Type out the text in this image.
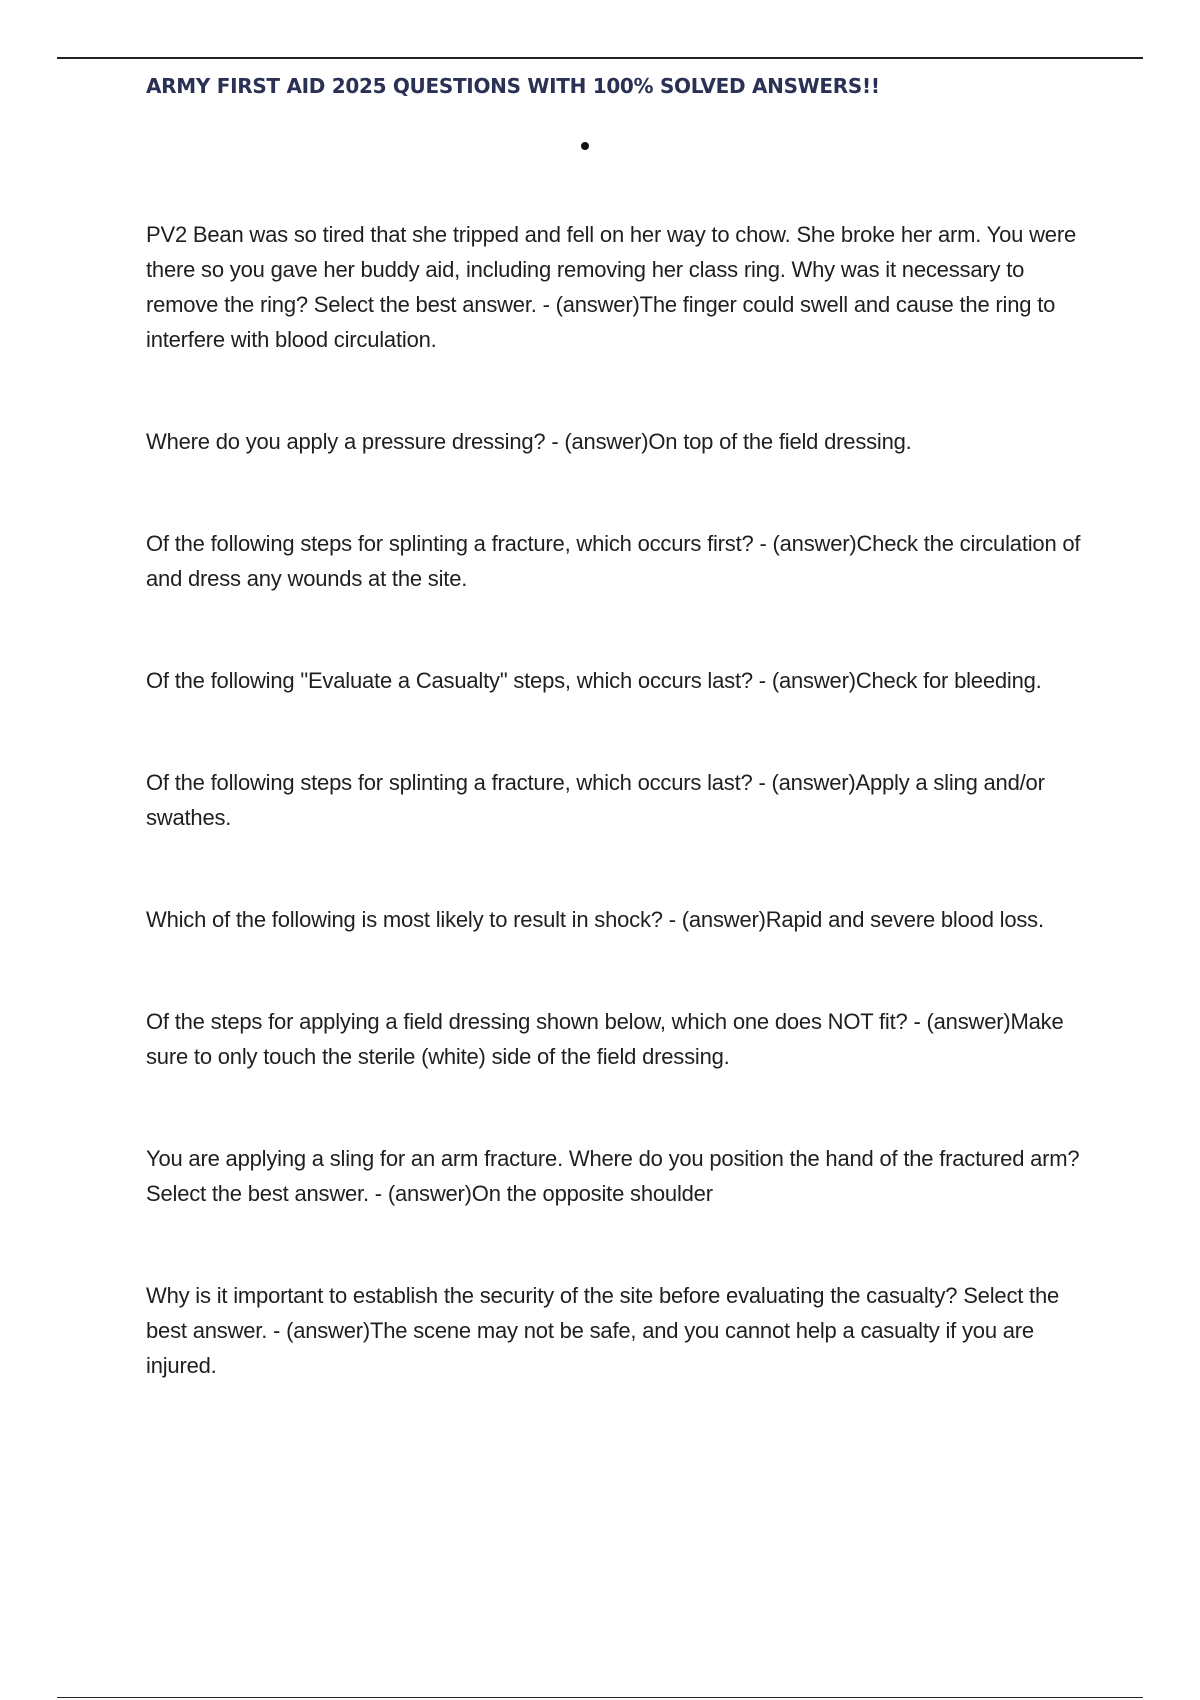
ARMY FIRST AID 2025 QUESTIONS WITH 100% SOLVED ANSWERS!!
PV2 Bean was so tired that she tripped and fell on her way to chow. She broke her arm. You were there so you gave her buddy aid, including removing her class ring. Why was it necessary to remove the ring? Select the best answer. - (answer)The finger could swell and cause the ring to interfere with blood circulation.
Where do you apply a pressure dressing? - (answer)On top of the field dressing.
Of the following steps for splinting a fracture, which occurs first? - (answer)Check the circulation of and dress any wounds at the site.
Of the following "Evaluate a Casualty" steps, which occurs last? - (answer)Check for bleeding.
Of the following steps for splinting a fracture, which occurs last? - (answer)Apply a sling and/or swathes.
Which of the following is most likely to result in shock? - (answer)Rapid and severe blood loss.
Of the steps for applying a field dressing shown below, which one does NOT fit? - (answer)Make sure to only touch the sterile (white) side of the field dressing.
You are applying a sling for an arm fracture. Where do you position the hand of the fractured arm? Select the best answer. - (answer)On the opposite shoulder
Why is it important to establish the security of the site before evaluating the casualty? Select the best answer. - (answer)The scene may not be safe, and you cannot help a casualty if you are injured.
